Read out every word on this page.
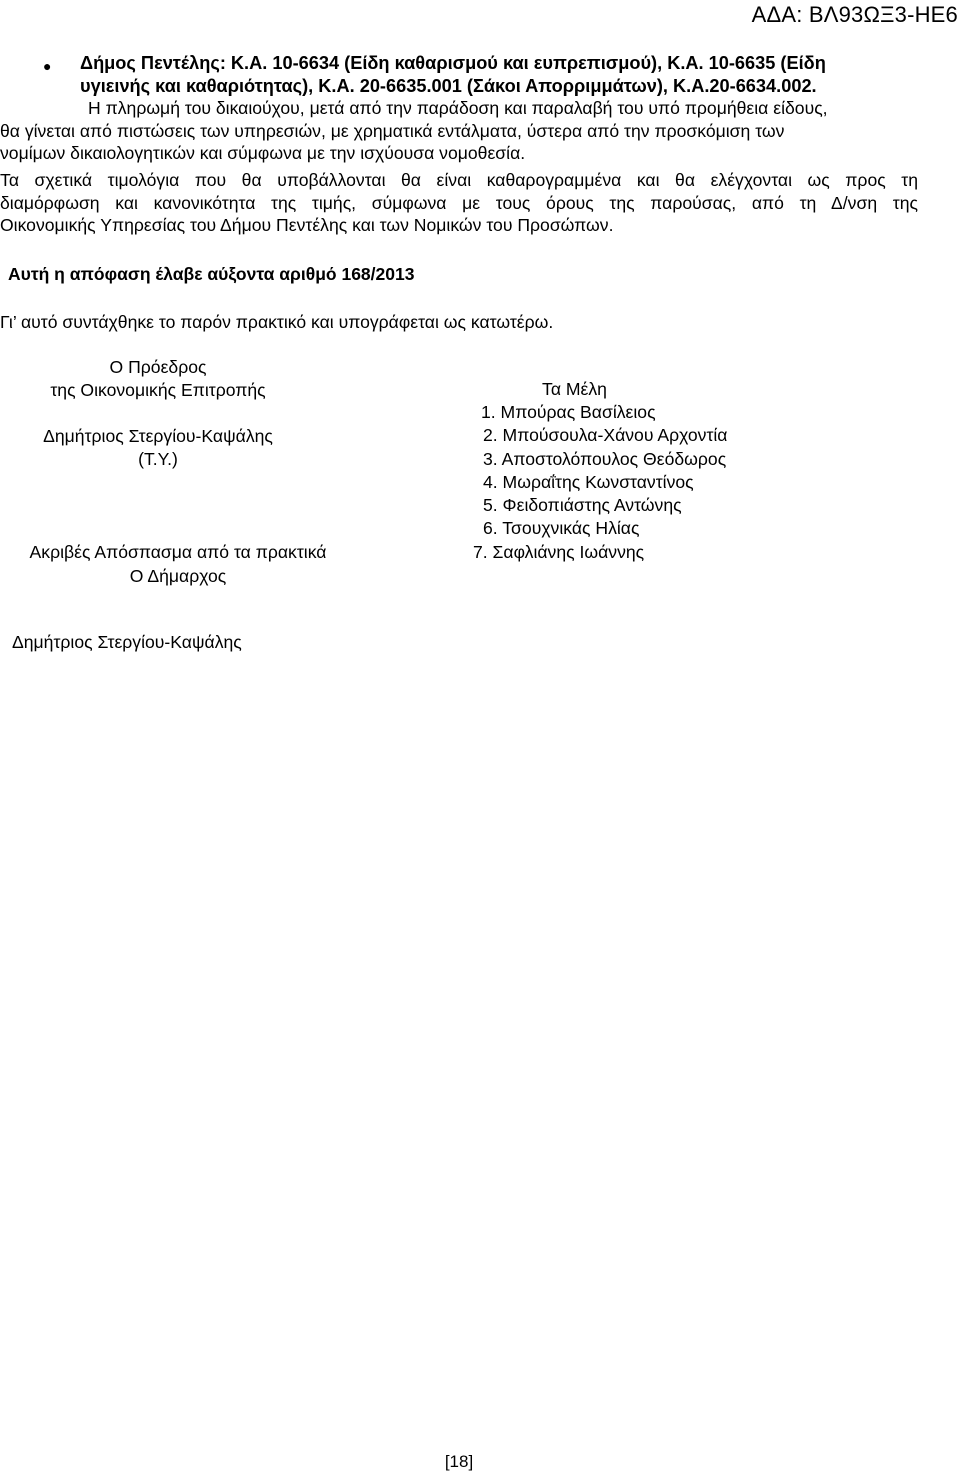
ΑΔΑ: ΒΛ93ΩΞ3-ΗΕ6
● Δήμος Πεντέλης: Κ.Α. 10-6634 (Είδη καθαρισμού και ευπρεπισμού), Κ.Α. 10-6635 (Είδη
υγιεινής και καθαριότητας), Κ.Α. 20-6635.001 (Σάκοι Απορριμμάτων), Κ.Α.20-6634.002.
Η πληρωμή του δικαιούχου, μετά από την παράδοση και παραλαβή του υπό προμήθεια είδους,
θα γίνεται από πιστώσεις των υπηρεσιών, με χρηματικά εντάλματα, ύστερα από την προσκόμιση των
νομίμων δικαιολογητικών και σύμφωνα με την ισχύουσα νομοθεσία.
Τα σχετικά τιμολόγια που θα υποβάλλονται θα είναι καθαρογραμμένα και θα ελέγχονται ως προς τη
διαμόρφωση και κανονικότητα της τιμής, σύμφωνα με τους όρους της παρούσας, από τη Δ/νση της
Οικονομικής Υπηρεσίας του Δήμου Πεντέλης και των Νομικών του Προσώπων.
Αυτή η απόφαση έλαβε αύξοντα αριθμό 168/2013
Γι’ αυτό συντάχθηκε το παρόν πρακτικό και υπογράφεται ως κατωτέρω.
Ο Πρόεδρος
της Οικονομικής Επιτροπής
Δημήτριος Στεργίου-Καψάλης
(Τ.Υ.)
Ακριβές Απόσπασμα από τα πρακτικά
Ο Δήμαρχος
Δημήτριος Στεργίου-Καψάλης
Τα Μέλη
1. Μπούρας Βασίλειος
2. Μπούσουλα-Χάνου Αρχοντία
3. Αποστολόπουλος Θεόδωρος
4. Μωραΐτης Κωνσταντίνος
5. Φειδοπιάστης Αντώνης
6. Τσουχνικάς Ηλίας
7. Σαφλιάνης Ιωάννης
[18]
